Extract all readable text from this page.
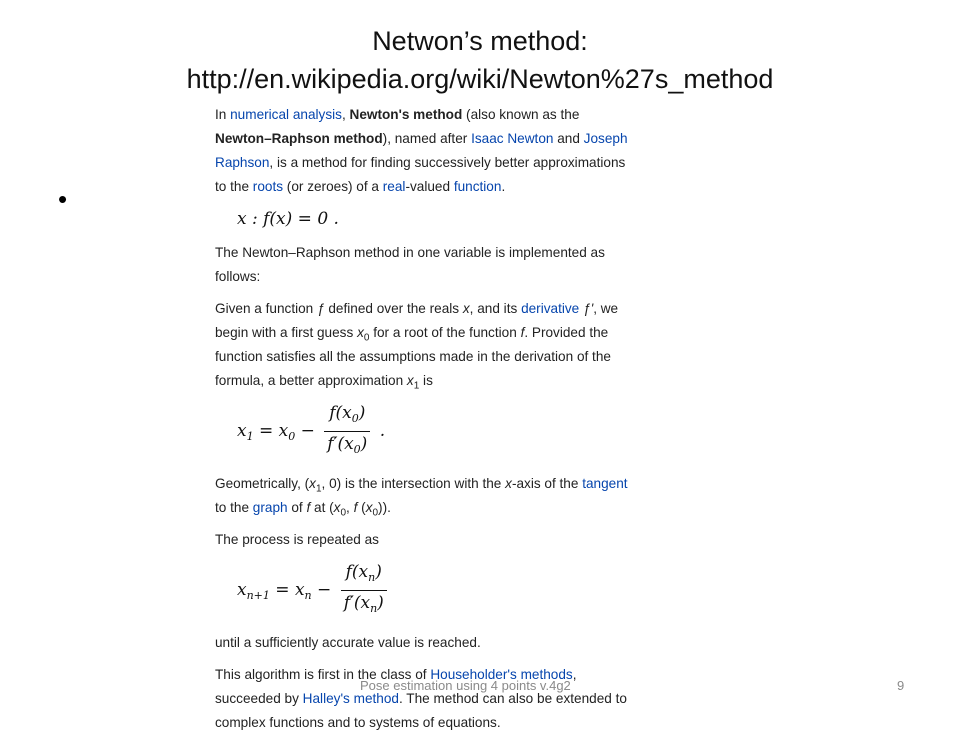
Netwon’s method:
http://en.wikipedia.org/wiki/Newton%27s_method
•

In numerical analysis, Newton's method (also known as the Newton–Raphson method), named after Isaac Newton and Joseph Raphson, is a method for finding successively better approximations to the roots (or zeroes) of a real-valued function.

x : f(x) = 0 .

The Newton–Raphson method in one variable is implemented as follows:

Given a function ƒ defined over the reals x, and its derivative ƒ', we begin with a first guess $x_0$ for a root of the function f. Provided the function satisfies all the assumptions made in the derivation of the formula, a better approximation $x_1$ is

$x_1 = x_0 - \frac{f(x_0)}{f'(x_0)}$ .

Geometrically, ($x_1$, 0) is the intersection with the x-axis of the tangent to the graph of f at ($x_0$, f $(x_0)$).

The process is repeated as

$x_{n+1} = x_n - \frac{f(x_n)}{f'(x_n)}$

until a sufficiently accurate value is reached.

This algorithm is first in the class of Householder's methods, succeeded by Halley's method. The method can also be extended to complex functions and to systems of equations.

Pose estimation using 4 points v.4g2	9
